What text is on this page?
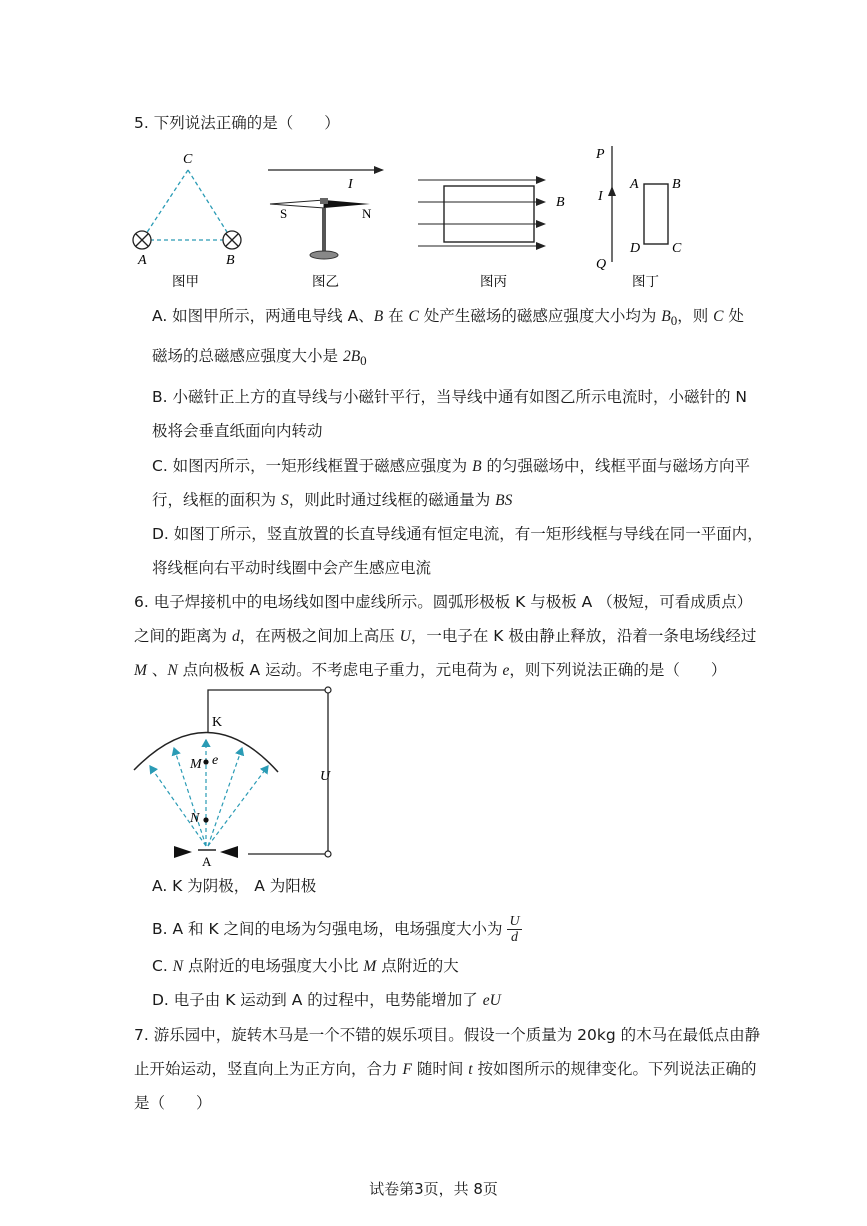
5. 下列说法正确的是（　　）
C
A	B
图甲
I
S	N
图乙
B
图丙
P
Q
I
A B
C
D
图丁
A. 如图甲所示，两通电导线 A、B 在 C 处产生磁场的磁感应强度大小均为 $B_0$，则 C 处
磁场的总磁感应强度大小是 $2B_0$
B. 小磁针正上方的直导线与小磁针平行，当导线中通有如图乙所示电流时，小磁针的 N
极将会垂直纸面向内转动
C. 如图丙所示，一矩形线框置于磁感应强度为 B 的匀强磁场中，线框平面与磁场方向平
行，线框的面积为 S，则此时通过线框的磁通量为 BS
D. 如图丁所示，竖直放置的长直导线通有恒定电流，有一矩形线框与导线在同一平面内，
将线框向右平动时线圈中会产生感应电流
6. 电子焊接机中的电场线如图中虚线所示。圆弧形极板 K 与极板 A （极短，可看成质点）
之间的距离为 d，在两极之间加上高压 U，一电子在 K 极由静止释放，沿着一条电场线经过
M 、N 点向极板 A 运动。不考虑电子重力，元电荷为 e，则下列说法正确的是（　　）
K
U
M e
N
A
A. K 为阴极， A 为阳极
B. A 和 K 之间的电场为匀强电场，电场强度大小为 $\frac{U}{d}$
C. N 点附近的电场强度大小比 M 点附近的大
D. 电子由 K 运动到 A 的过程中，电势能增加了 eU
7. 游乐园中，旋转木马是一个不错的娱乐项目。假设一个质量为 20kg 的木马在最低点由静
止开始运动，竖直向上为正方向，合力 F 随时间 t 按如图所示的规律变化。下列说法正确的
是（　　）
试卷第3页，共 8页
